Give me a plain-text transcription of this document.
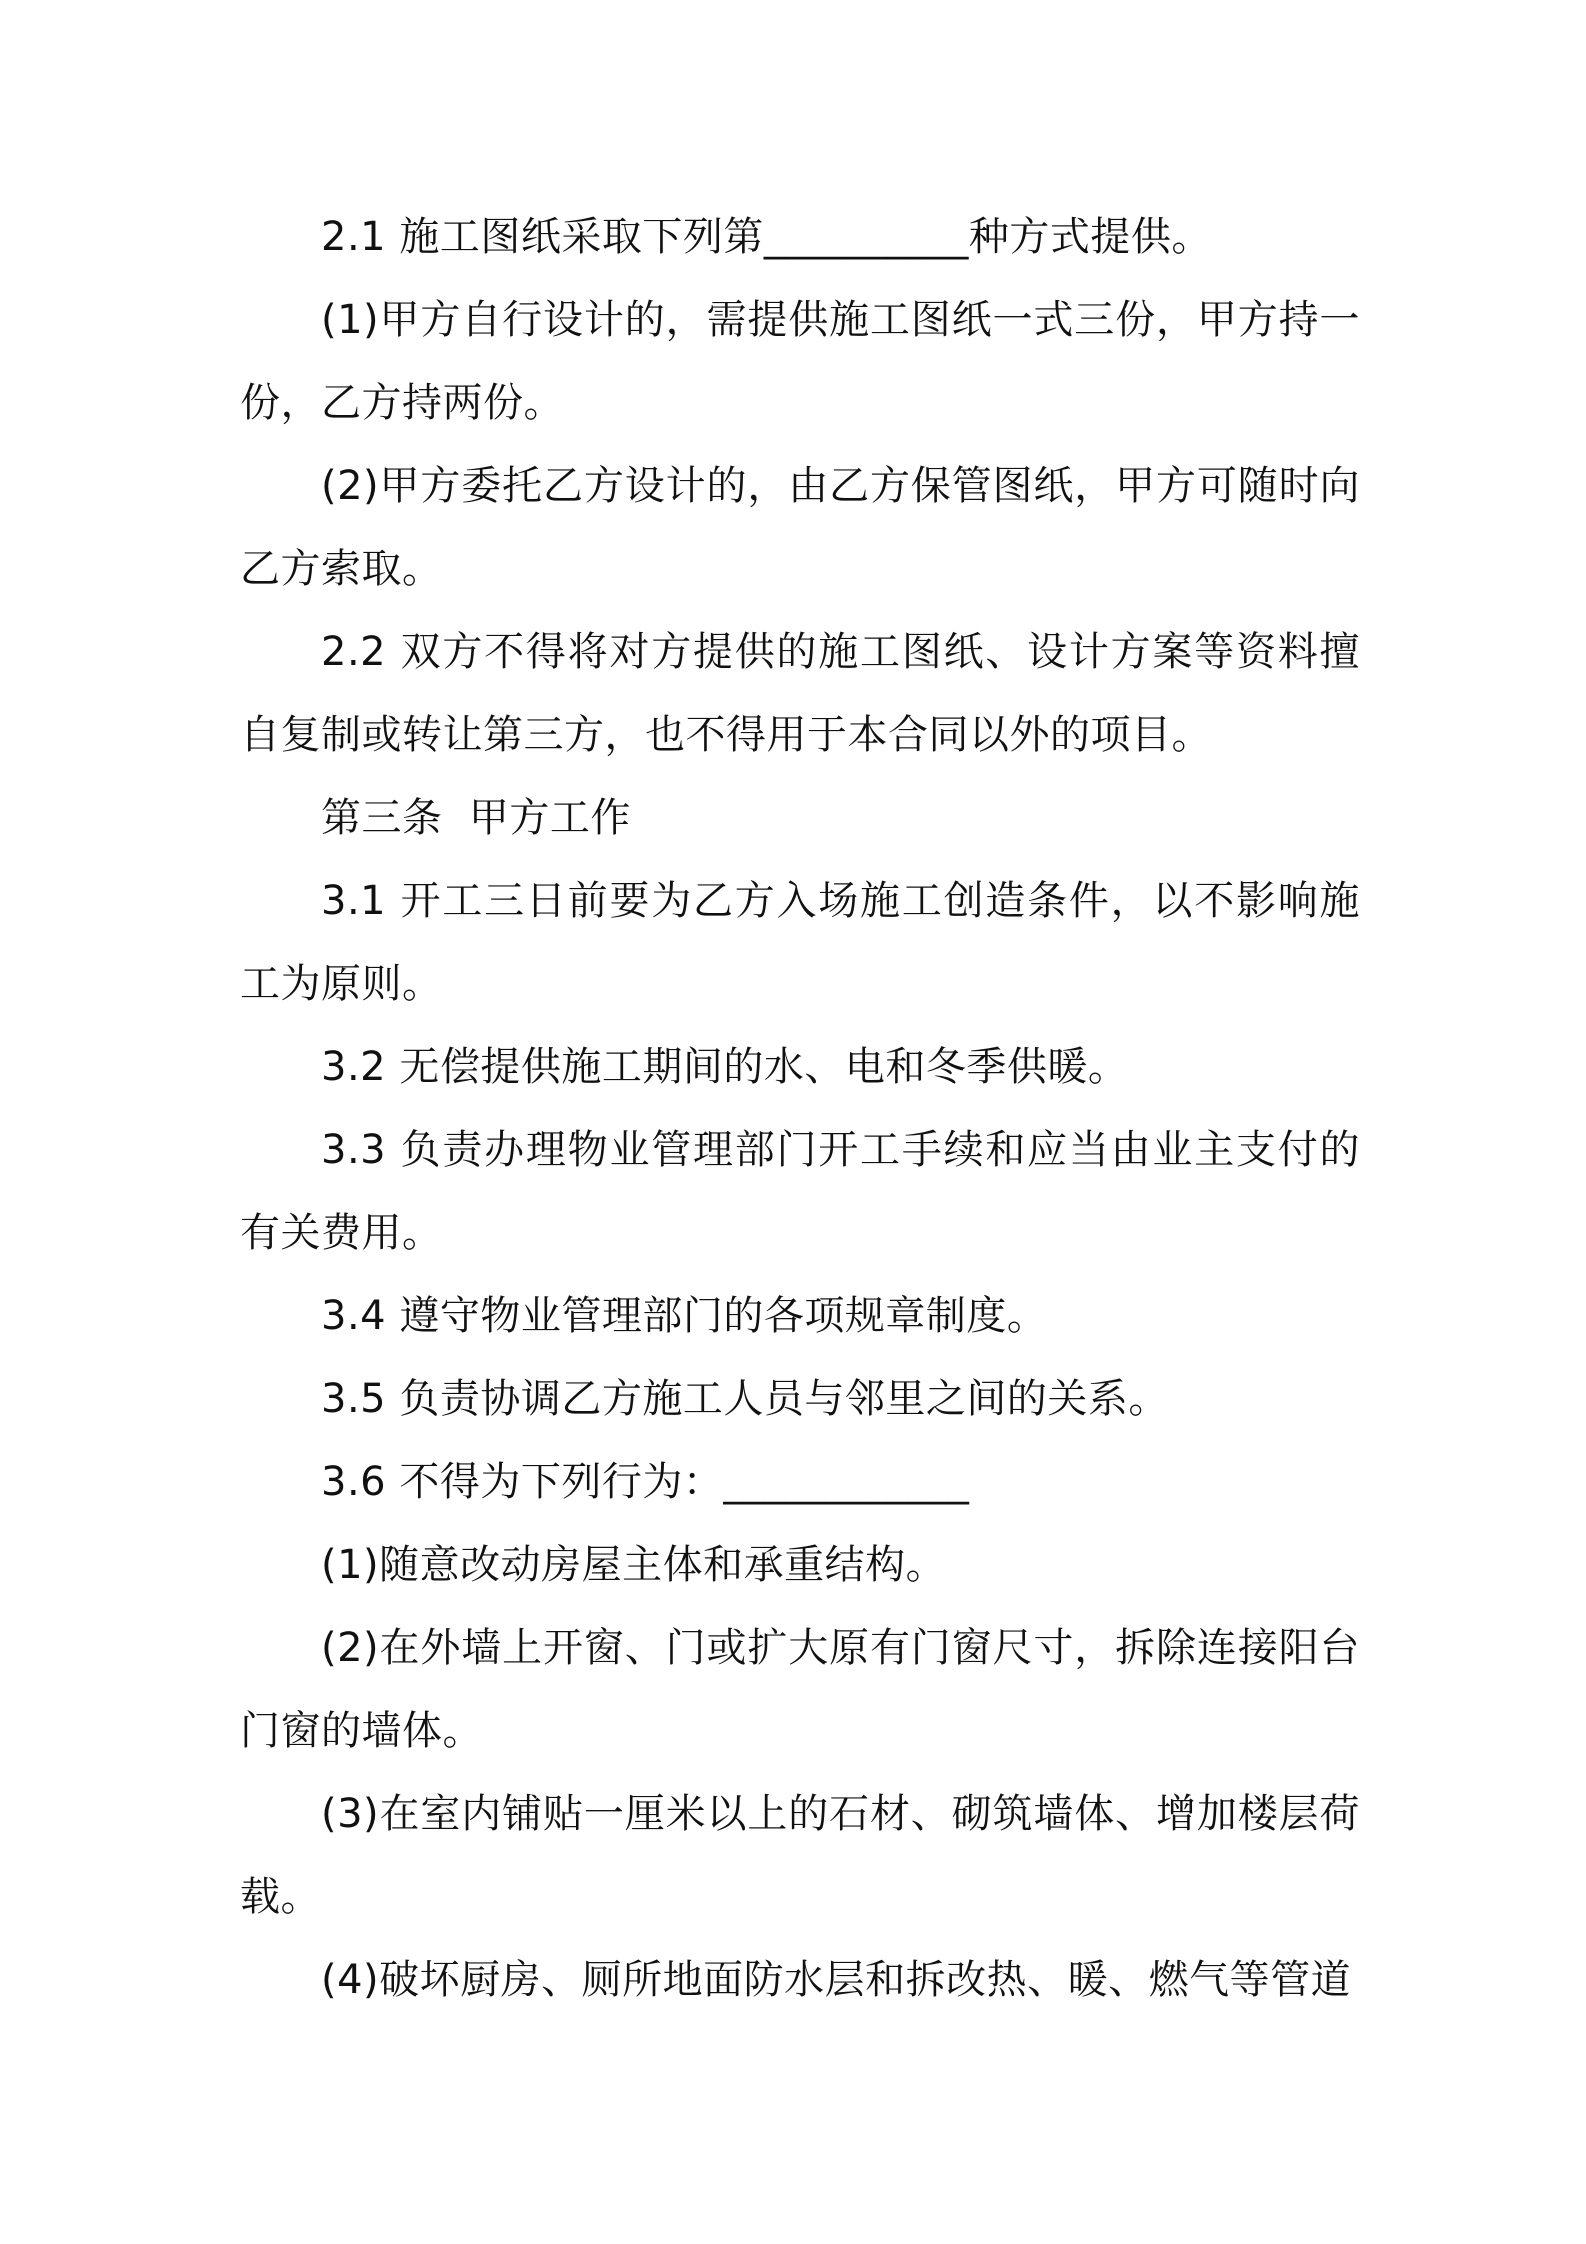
2.1 施工图纸采取下列第__________种方式提供。

(1)甲方自行设计的，需提供施工图纸一式三份，甲方持一份，乙方持两份。

(2)甲方委托乙方设计的，由乙方保管图纸，甲方可随时向乙方索取。

2.2 双方不得将对方提供的施工图纸、设计方案等资料擅自复制或转让第三方，也不得用于本合同以外的项目。

第三条  甲方工作

3.1 开工三日前要为乙方入场施工创造条件，以不影响施工为原则。

3.2 无偿提供施工期间的水、电和冬季供暖。

3.3 负责办理物业管理部门开工手续和应当由业主支付的有关费用。

3.4 遵守物业管理部门的各项规章制度。

3.5 负责协调乙方施工人员与邻里之间的关系。

3.6 不得为下列行为：____________

(1)随意改动房屋主体和承重结构。

(2)在外墙上开窗、门或扩大原有门窗尺寸，拆除连接阳台门窗的墙体。

(3)在室内铺贴一厘米以上的石材、砌筑墙体、增加楼层荷载。

(4)破坏厨房、厕所地面防水层和拆改热、暖、燃气等管道
